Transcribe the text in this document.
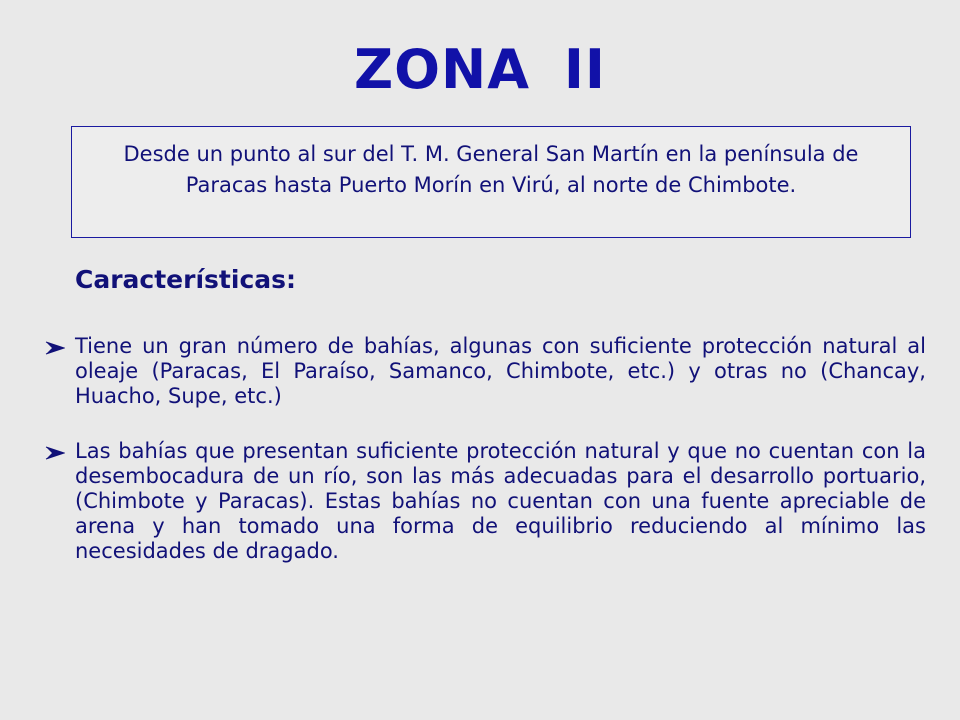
ZONA II
Desde un punto al sur del T. M. General San Martín en la península de Paracas hasta Puerto Morín en Virú, al norte de Chimbote.
Características:
Tiene un gran número de bahías, algunas con suficiente protección natural al oleaje (Paracas, El Paraíso, Samanco, Chimbote, etc.) y otras no (Chancay, Huacho, Supe, etc.)
Las bahías que presentan suficiente protección natural y que no cuentan con la desembocadura de un río, son las más adecuadas para el desarrollo portuario, (Chimbote y Paracas). Estas bahías no cuentan con una fuente apreciable de arena y han tomado una forma de equilibrio reduciendo al mínimo las necesidades de dragado.
